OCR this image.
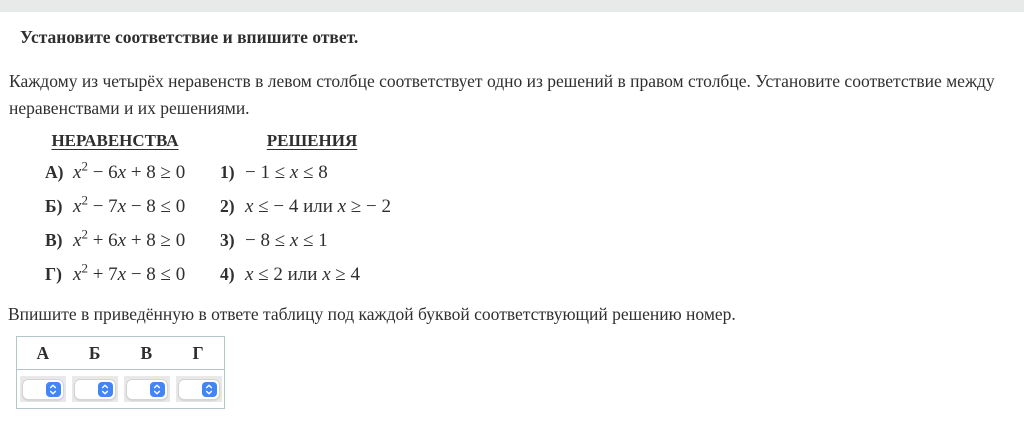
Установите соответствие и впишите ответ.

Каждому из четырёх неравенств в левом столбце соответствует одно из решений в правом столбце. Установите соответствие между неравенствами и их решениями.

НЕРАВЕНСТВА	РЕШЕНИЯ
А) $x^2 - 6x + 8 \ge 0$	1) − 1 ≤ x ≤ 8
Б) $x^2 - 7x - 8 \le 0$	2) x ≤ − 4 или x ≥ − 2
В) $x^2 + 6x + 8 \ge 0$	3) − 8 ≤ x ≤ 1
Г) $x^2 + 7x - 8 \le 0$	4) x ≤ 2 или x ≥ 4

Впишите в приведённую в ответе таблицу под каждой буквой соответствующий решению номер.

А	Б	В	Г
